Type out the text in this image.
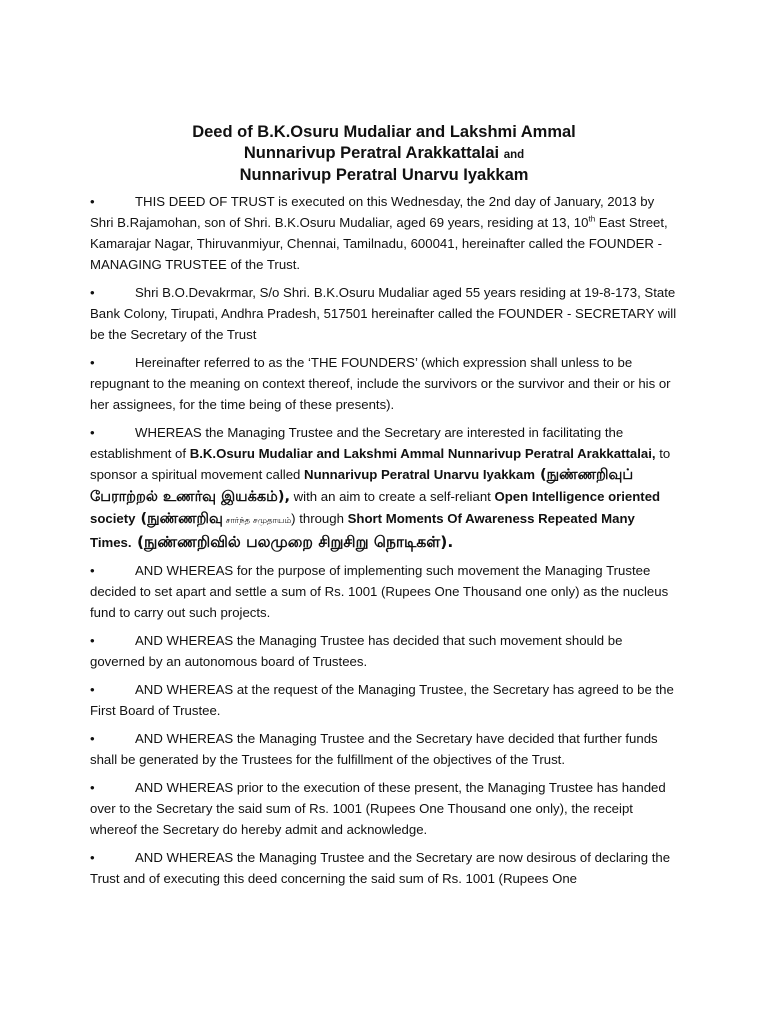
Deed of B.K.Osuru Mudaliar and Lakshmi Ammal
Nunnarivup Peratral Arakkattalai and
Nunnarivup Peratral Unarvu Iyakkam
•	THIS DEED OF TRUST is executed on this Wednesday, the 2nd day of January, 2013 by Shri B.Rajamohan, son of Shri. B.K.Osuru Mudaliar, aged 69 years, residing at 13, 10th East Street, Kamarajar Nagar, Thiruvanmiyur, Chennai, Tamilnadu, 600041, hereinafter called the FOUNDER - MANAGING TRUSTEE of the Trust.
•	Shri B.O.Devakrmar, S/o Shri. B.K.Osuru Mudaliar aged 55 years residing at 19-8-173, State Bank Colony, Tirupati, Andhra Pradesh, 517501 hereinafter called the FOUNDER - SECRETARY will be the Secretary of the Trust
•	Hereinafter referred to as the ‘THE FOUNDERS’ (which expression shall unless to be repugnant to the meaning on context thereof, include the survivors or the survivor and their or his or her assignees, for the time being of these presents).
•	WHEREAS the Managing Trustee and the Secretary are interested in facilitating the establishment of B.K.Osuru Mudaliar and Lakshmi Ammal Nunnarivup Peratral Arakkattalai, to sponsor a spiritual movement called Nunnarivup Peratral Unarvu Iyakkam (நுண்ணறிவுப் பேராற்றல் உணர்வு இயக்கம்), with an aim to create a self-reliant Open Intelligence oriented society (நுண்ணறிவு சார்ந்த சமுதாயம்) through Short Moments Of Awareness Repeated Many Times. (நுண்ணறிவில் பலமுறை சிறுசிறு நொடிகள்).
•	AND WHEREAS for the purpose of implementing such movement the Managing Trustee decided to set apart and settle a sum of Rs. 1001 (Rupees One Thousand one only) as the nucleus fund to carry out such projects.
•	AND WHEREAS the Managing Trustee has decided that such movement should be governed by an autonomous board of Trustees.
•	AND WHEREAS at the request of the Managing Trustee, the Secretary has agreed to be the First Board of Trustee.
•	AND WHEREAS the Managing Trustee and the Secretary have decided that further funds shall be generated by the Trustees for the fulfillment of the objectives of the Trust.
•	AND WHEREAS prior to the execution of these present, the Managing Trustee has handed over to the Secretary the said sum of Rs. 1001 (Rupees One Thousand one only), the receipt whereof the Secretary do hereby admit and acknowledge.
•	AND WHEREAS the Managing Trustee and the Secretary are now desirous of declaring the Trust and of executing this deed concerning the said sum of Rs. 1001 (Rupees One
